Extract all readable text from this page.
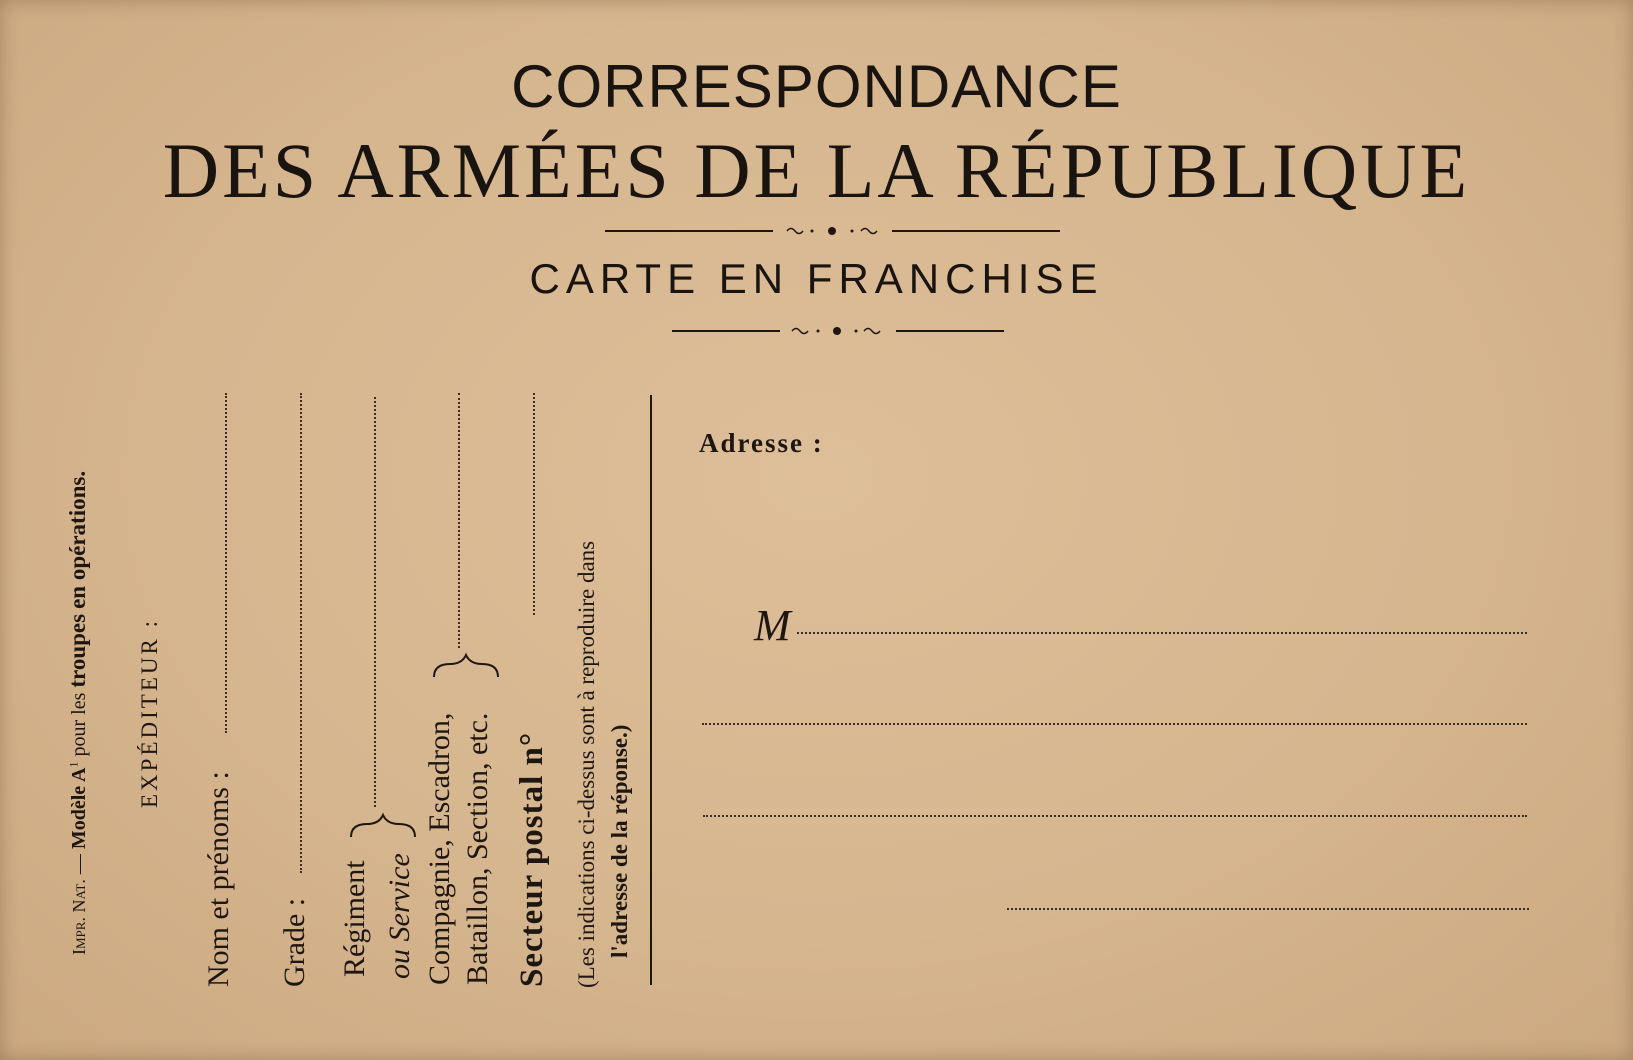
CORRESPONDANCE
DES ARMÉES DE LA RÉPUBLIQUE
CARTE EN FRANCHISE
Impr. Nat. — Modèle $A^1$ pour les troupes en opérations.
EXPÉDITEUR :
Nom et prénoms : Grade : Régiment ou Service Compagnie, Escadron, Bataillon, Section, etc. Secteur postal n° (Les indications ci-dessus sont à reproduire dans l'adresse de la réponse.)
Adresse :
M
